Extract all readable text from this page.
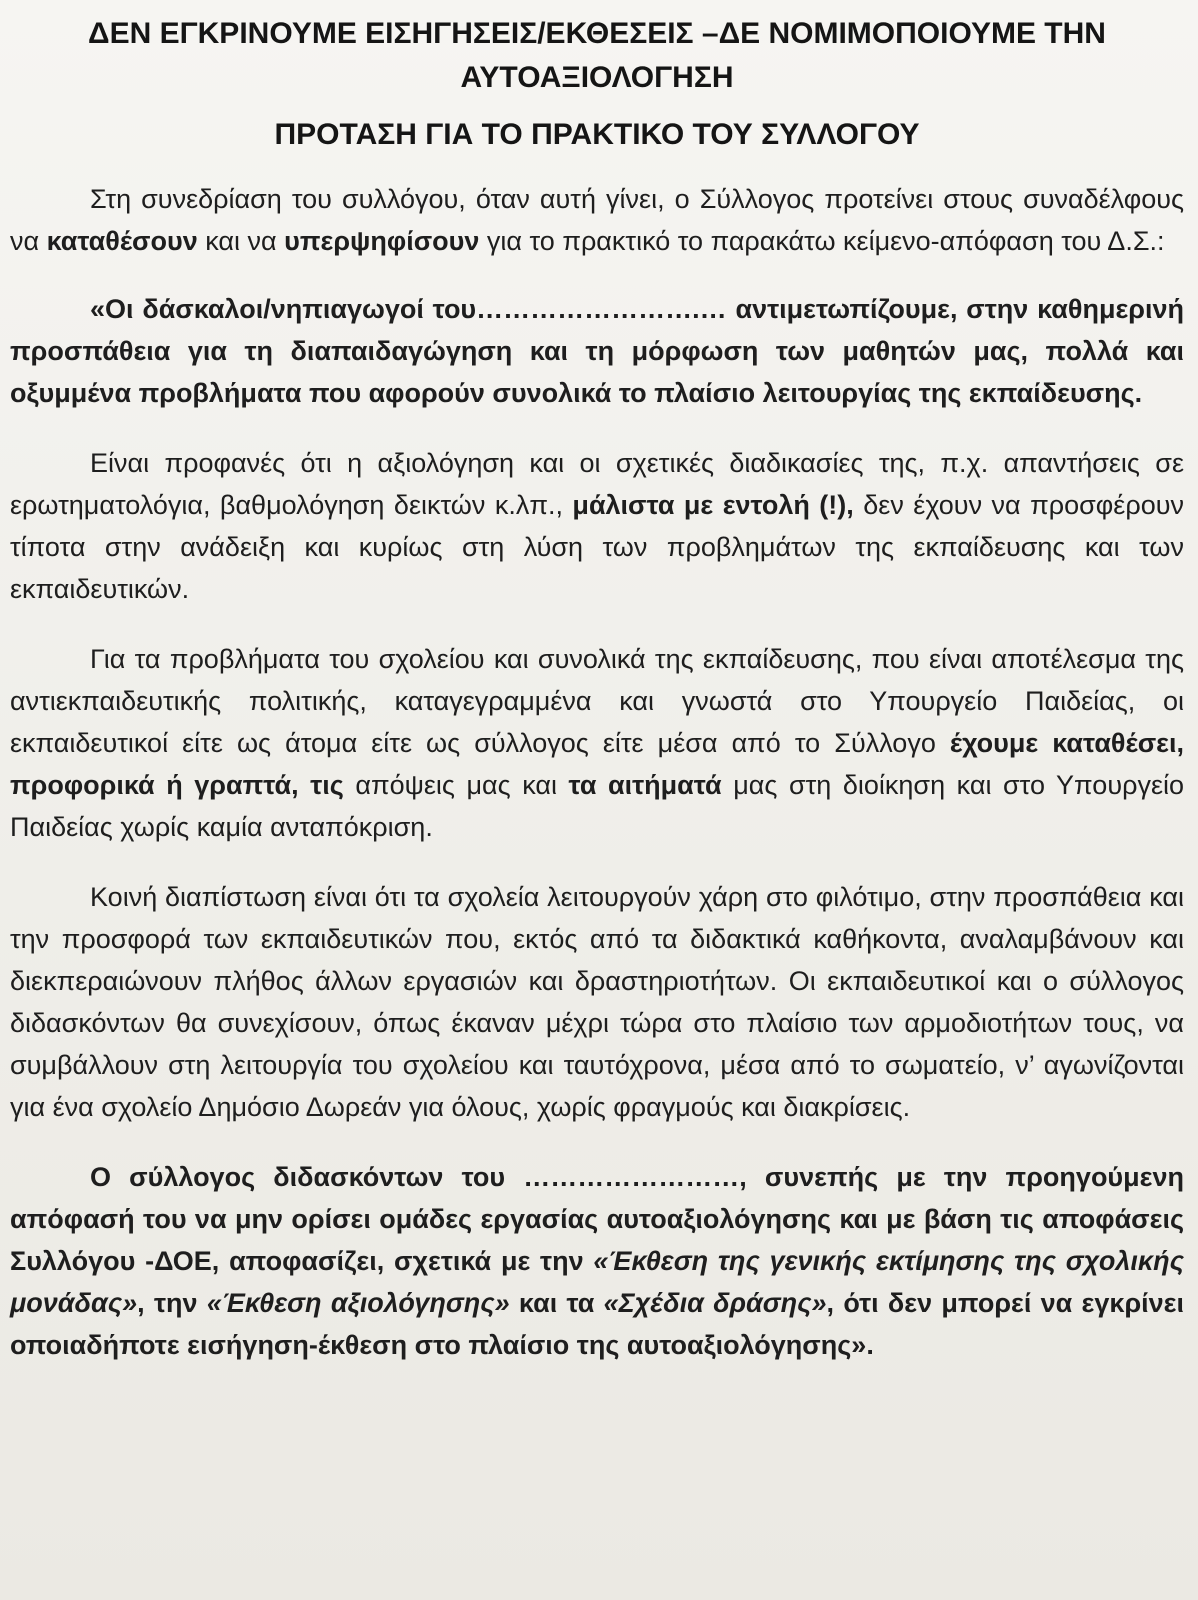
ΔΕΝ ΕΓΚΡΙΝΟΥΜΕ ΕΙΣΗΓΗΣΕΙΣ/ΕΚΘΕΣΕΙΣ –ΔΕ ΝΟΜΙΜΟΠΟΙΟΥΜΕ ΤΗΝ
ΑΥΤΟΑΞΙΟΛΟΓΗΣΗ
ΠΡΟΤΑΣΗ ΓΙΑ ΤΟ ΠΡΑΚΤΙΚΟ ΤΟΥ ΣΥΛΛΟΓΟΥ

Στη συνεδρίαση του συλλόγου, όταν αυτή γίνει, ο Σύλλογος προτείνει στους συναδέλφους να καταθέσουν και να υπερψηφίσουν για το πρακτικό το παρακάτω κείμενο-απόφαση του Δ.Σ.:

«Οι δάσκαλοι/νηπιαγωγοί του…………………….… αντιμετωπίζουμε, στην καθημερινή προσπάθεια για τη διαπαιδαγώγηση και τη μόρφωση των μαθητών μας, πολλά και οξυμμένα προβλήματα που αφορούν συνολικά το πλαίσιο λειτουργίας της εκπαίδευσης.

Είναι προφανές ότι η αξιολόγηση και οι σχετικές διαδικασίες της, π.χ. απαντήσεις σε ερωτηματολόγια, βαθμολόγηση δεικτών κ.λπ., μάλιστα με εντολή (!), δεν έχουν να προσφέρουν τίποτα στην ανάδειξη και κυρίως στη λύση των προβλημάτων της εκπαίδευσης και των εκπαιδευτικών.

Για τα προβλήματα του σχολείου και συνολικά της εκπαίδευσης, που είναι αποτέλεσμα της αντιεκπαιδευτικής πολιτικής, καταγεγραμμένα και γνωστά στο Υπουργείο Παιδείας, οι εκπαιδευτικοί είτε ως άτομα είτε ως σύλλογος είτε μέσα από το Σύλλογο έχουμε καταθέσει, προφορικά ή γραπτά, τις απόψεις μας και τα αιτήματά μας στη διοίκηση και στο Υπουργείο Παιδείας χωρίς καμία ανταπόκριση.

Κοινή διαπίστωση είναι ότι τα σχολεία λειτουργούν χάρη στο φιλότιμο, στην προσπάθεια και την προσφορά των εκπαιδευτικών που, εκτός από τα διδακτικά καθήκοντα, αναλαμβάνουν και διεκπεραιώνουν πλήθος άλλων εργασιών και δραστηριοτήτων. Οι εκπαιδευτικοί και ο σύλλογος διδασκόντων θα συνεχίσουν, όπως έκαναν μέχρι τώρα στο πλαίσιο των αρμοδιοτήτων τους, να συμβάλλουν στη λειτουργία του σχολείου και ταυτόχρονα, μέσα από το σωματείο, ν’ αγωνίζονται για ένα σχολείο Δημόσιο Δωρεάν για όλους, χωρίς φραγμούς και διακρίσεις.

Ο σύλλογος διδασκόντων του ……………………, συνεπής με την προηγούμενη απόφασή του να μην ορίσει ομάδες εργασίας αυτοαξιολόγησης και με βάση τις αποφάσεις Συλλόγου -ΔΟΕ, αποφασίζει, σχετικά με την «Έκθεση της γενικής εκτίμησης της σχολικής μονάδας», την «Έκθεση αξιολόγησης» και τα «Σχέδια δράσης», ότι δεν μπορεί να εγκρίνει οποιαδήποτε εισήγηση-έκθεση στο πλαίσιο της αυτοαξιολόγησης».
